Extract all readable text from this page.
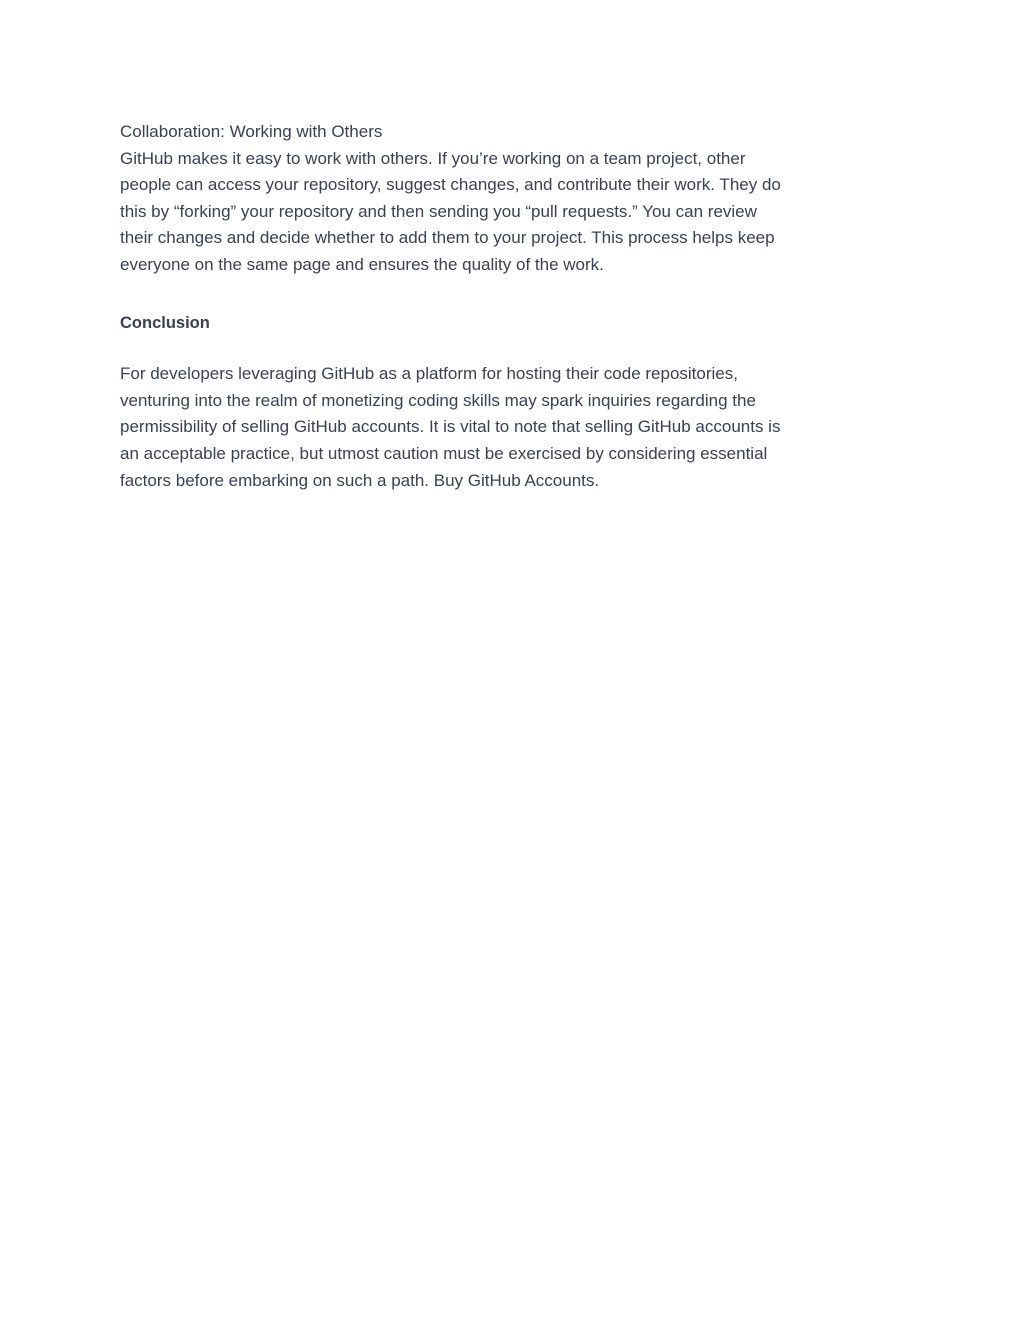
Collaboration: Working with Others
GitHub makes it easy to work with others. If you’re working on a team project, other
people can access your repository, suggest changes, and contribute their work. They do
this by “forking” your repository and then sending you “pull requests.” You can review
their changes and decide whether to add them to your project. This process helps keep
everyone on the same page and ensures the quality of the work.
Conclusion
For developers leveraging GitHub as a platform for hosting their code repositories,
venturing into the realm of monetizing coding skills may spark inquiries regarding the
permissibility of selling GitHub accounts. It is vital to note that selling GitHub accounts is
an acceptable practice, but utmost caution must be exercised by considering essential
factors before embarking on such a path. Buy GitHub Accounts.
